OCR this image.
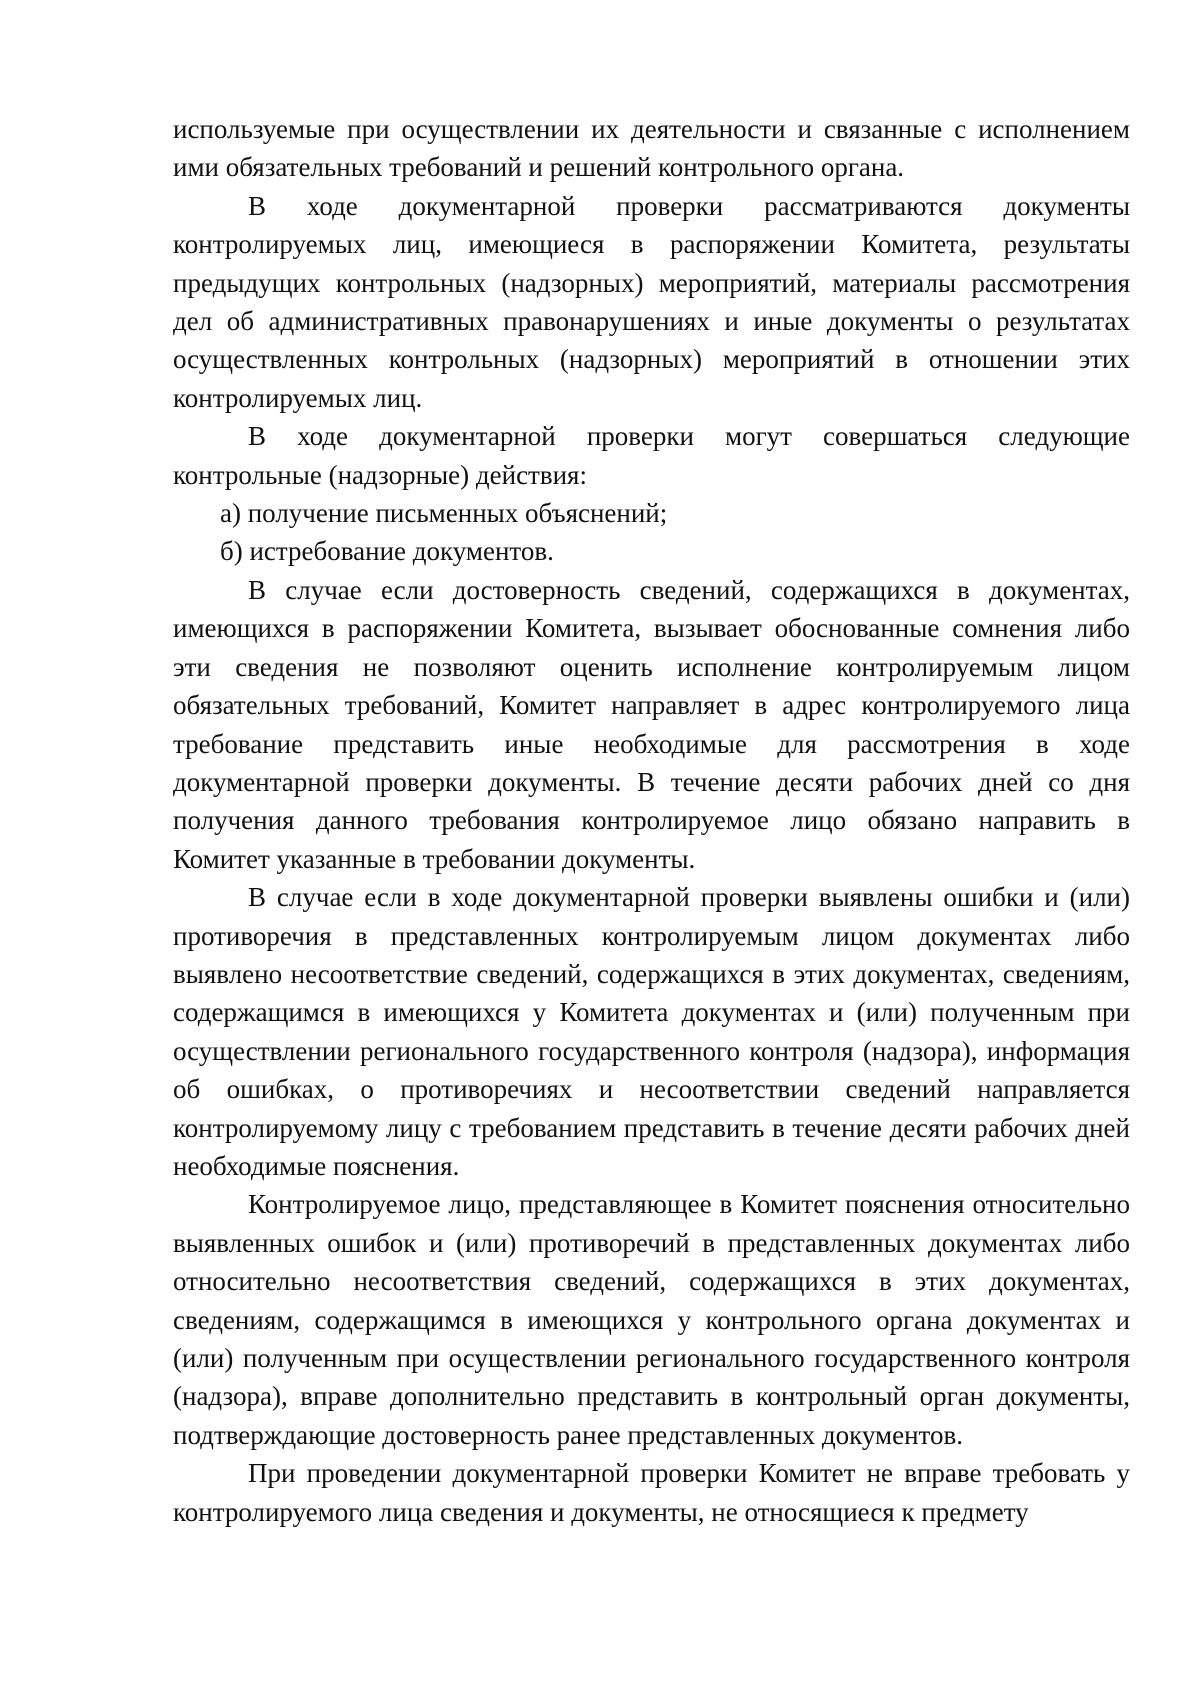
используемые при осуществлении их деятельности и связанные с исполнением ими обязательных требований и решений контрольного органа.

В ходе документарной проверки рассматриваются документы контролируемых лиц, имеющиеся в распоряжении Комитета, результаты предыдущих контрольных (надзорных) мероприятий, материалы рассмотрения дел об административных правонарушениях и иные документы о результатах осуществленных контрольных (надзорных) мероприятий в отношении этих контролируемых лиц.

В ходе документарной проверки могут совершаться следующие контрольные (надзорные) действия:

а) получение письменных объяснений;

б) истребование документов.

В случае если достоверность сведений, содержащихся в документах, имеющихся в распоряжении Комитета, вызывает обоснованные сомнения либо эти сведения не позволяют оценить исполнение контролируемым лицом обязательных требований, Комитет направляет в адрес контролируемого лица требование представить иные необходимые для рассмотрения в ходе документарной проверки документы. В течение десяти рабочих дней со дня получения данного требования контролируемое лицо обязано направить в Комитет указанные в требовании документы.

В случае если в ходе документарной проверки выявлены ошибки и (или) противоречия в представленных контролируемым лицом документах либо выявлено несоответствие сведений, содержащихся в этих документах, сведениям, содержащимся в имеющихся у Комитета документах и (или) полученным при осуществлении регионального государственного контроля (надзора), информация об ошибках, о противоречиях и несоответствии сведений направляется контролируемому лицу с требованием представить в течение десяти рабочих дней необходимые пояснения.

Контролируемое лицо, представляющее в Комитет пояснения относительно выявленных ошибок и (или) противоречий в представленных документах либо относительно несоответствия сведений, содержащихся в этих документах, сведениям, содержащимся в имеющихся у контрольного органа документах и (или) полученным при осуществлении регионального государственного контроля (надзора), вправе дополнительно представить в контрольный орган документы, подтверждающие достоверность ранее представленных документов.

При проведении документарной проверки Комитет не вправе требовать у контролируемого лица сведения и документы, не относящиеся к предмету
